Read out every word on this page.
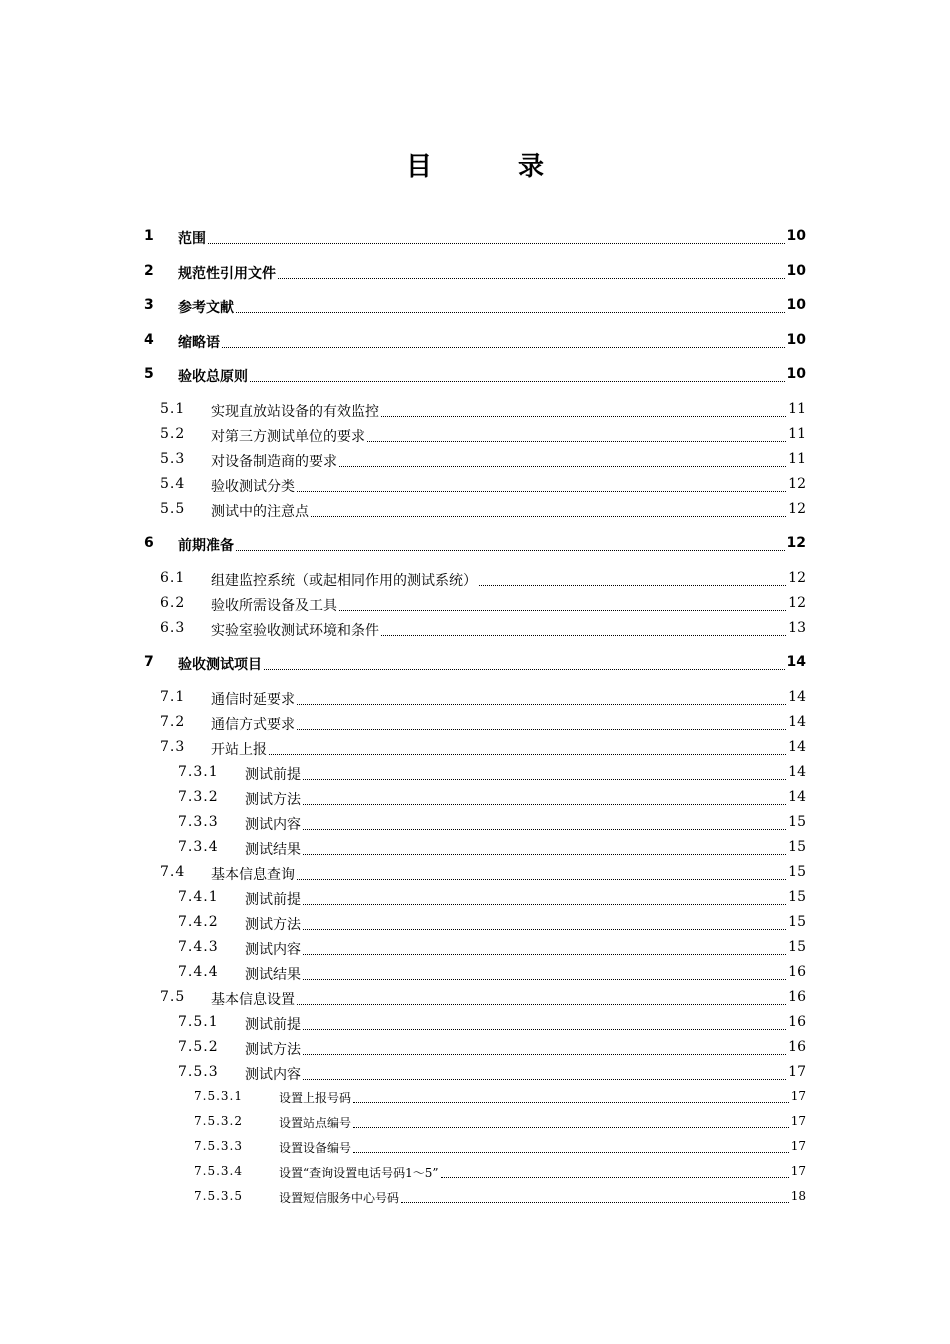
目　录
1 范围	10
2 规范性引用文件	10
3 参考文献	10
4 缩略语	10
5 验收总原则	10
5.1 实现直放站设备的有效监控	11
5.2 对第三方测试单位的要求	11
5.3 对设备制造商的要求	11
5.4 验收测试分类	12
5.5 测试中的注意点	12
6 前期准备	12
6.1 组建监控系统（或起相同作用的测试系统）	12
6.2 验收所需设备及工具	12
6.3 实验室验收测试环境和条件	13
7 验收测试项目	14
7.1 通信时延要求	14
7.2 通信方式要求	14
7.3 开站上报	14
7.3.1 测试前提	14
7.3.2 测试方法	14
7.3.3 测试内容	15
7.3.4 测试结果	15
7.4 基本信息查询	15
7.4.1 测试前提	15
7.4.2 测试方法	15
7.4.3 测试内容	15
7.4.4 测试结果	16
7.5 基本信息设置	16
7.5.1 测试前提	16
7.5.2 测试方法	16
7.5.3 测试内容	17
7.5.3.1	设置上报号码	17
7.5.3.2	设置站点编号	17
7.5.3.3	设置设备编号	17
7.5.3.4	设置“查询设置电话号码1～5”	17
7.5.3.5	设置短信服务中心号码	18
